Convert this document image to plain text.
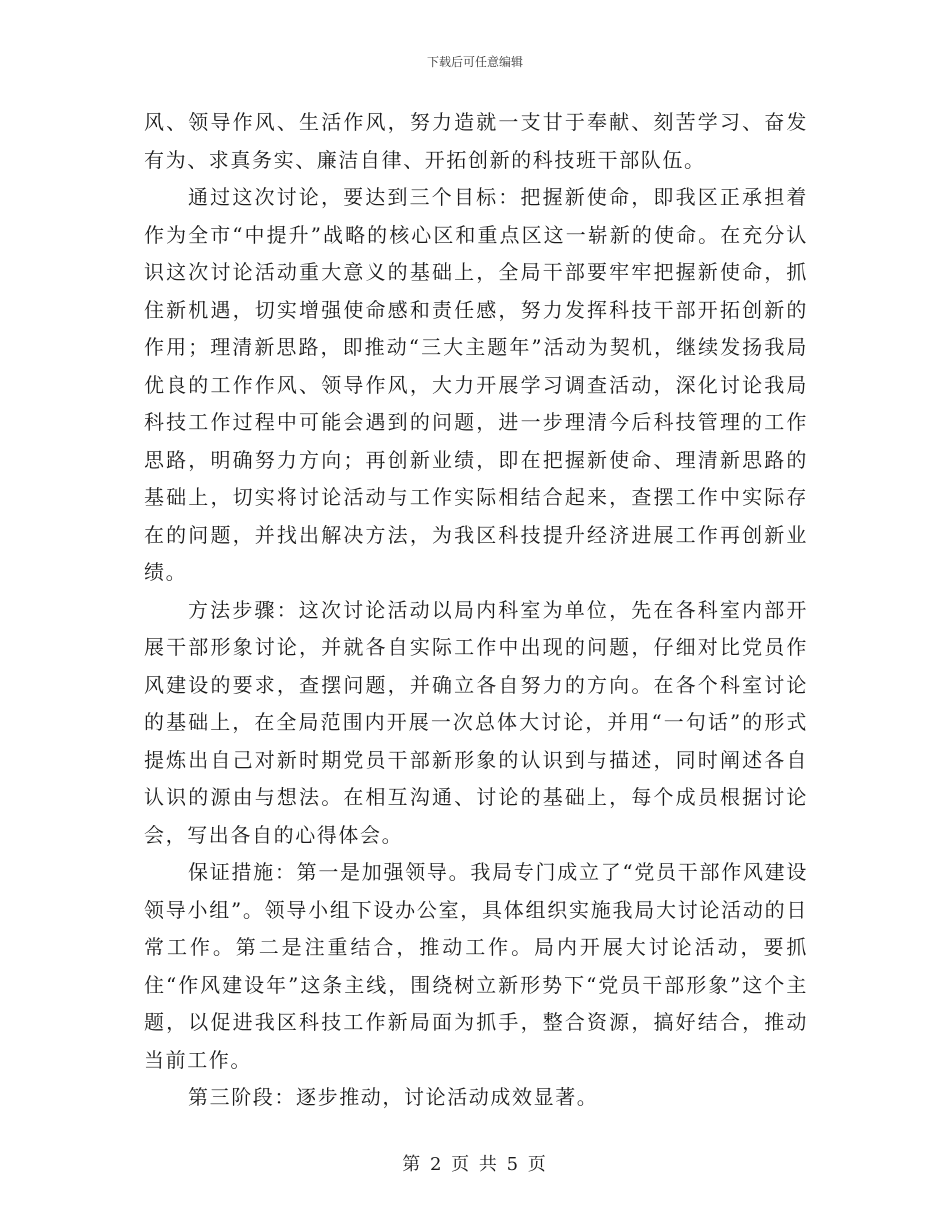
下载后可任意编辑

风、领导作风、生活作风，努力造就一支甘于奉献、刻苦学习、奋发有为、求真务实、廉洁自律、开拓创新的科技班干部队伍。

通过这次讨论，要达到三个目标：把握新使命，即我区正承担着作为全市“中提升”战略的核心区和重点区这一崭新的使命。在充分认识这次讨论活动重大意义的基础上，全局干部要牢牢把握新使命，抓住新机遇，切实增强使命感和责任感，努力发挥科技干部开拓创新的作用；理清新思路，即推动“三大主题年”活动为契机，继续发扬我局优良的工作作风、领导作风，大力开展学习调查活动，深化讨论我局科技工作过程中可能会遇到的问题，进一步理清今后科技管理的工作思路，明确努力方向；再创新业绩，即在把握新使命、理清新思路的基础上，切实将讨论活动与工作实际相结合起来，查摆工作中实际存在的问题，并找出解决方法，为我区科技提升经济进展工作再创新业绩。

方法步骤：这次讨论活动以局内科室为单位，先在各科室内部开展干部形象讨论，并就各自实际工作中出现的问题，仔细对比党员作风建设的要求，查摆问题，并确立各自努力的方向。在各个科室讨论的基础上，在全局范围内开展一次总体大讨论，并用“一句话”的形式提炼出自己对新时期党员干部新形象的认识到与描述，同时阐述各自认识的源由与想法。在相互沟通、讨论的基础上，每个成员根据讨论会，写出各自的心得体会。

保证措施：第一是加强领导。我局专门成立了“党员干部作风建设领导小组”。领导小组下设办公室，具体组织实施我局大讨论活动的日常工作。第二是注重结合，推动工作。局内开展大讨论活动，要抓住“作风建设年”这条主线，围绕树立新形势下“党员干部形象”这个主题，以促进我区科技工作新局面为抓手，整合资源，搞好结合，推动当前工作。

第三阶段：逐步推动，讨论活动成效显著。

第 2 页 共 5 页
